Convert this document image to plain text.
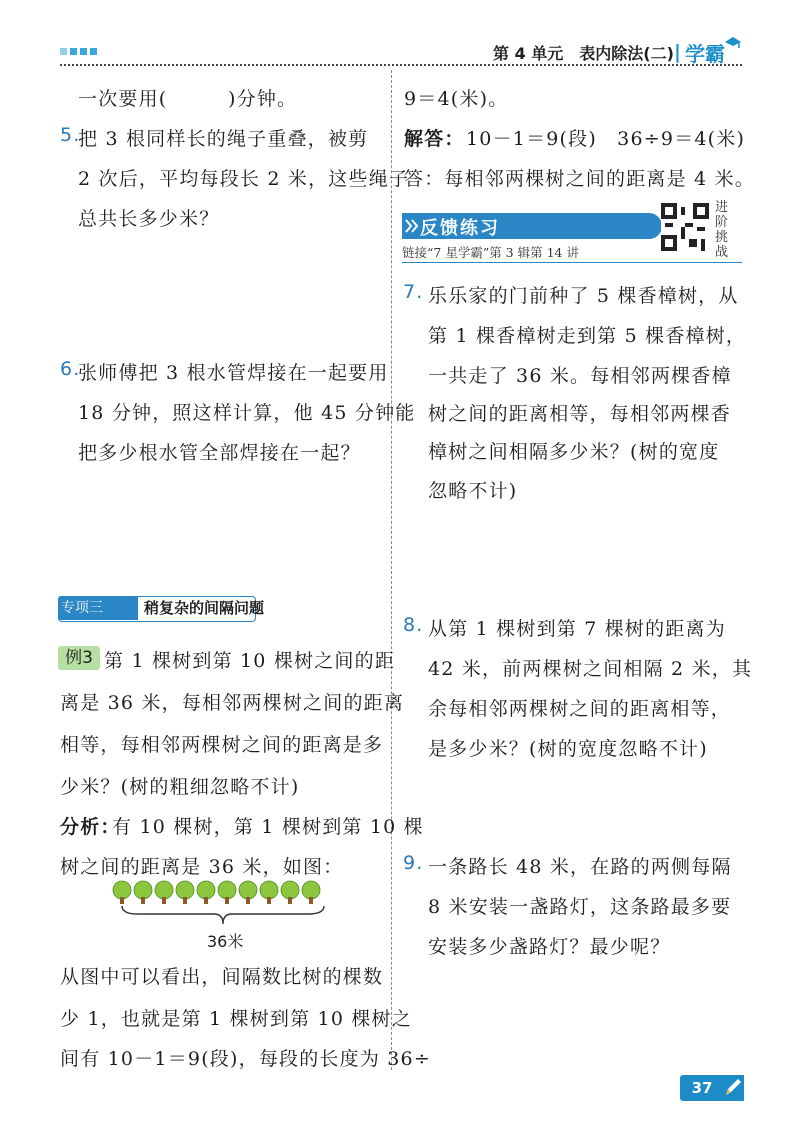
第 4 单元　表内除法(二) | 学霸
一次要用(　　　)分钟。
5.
把 3 根同样长的绳子重叠，被剪
2 次后，平均每段长 2 米，这些绳子
总共长多少米？
6.
张师傅把 3 根水管焊接在一起要用
18 分钟，照这样计算，他 45 分钟能
把多少根水管全部焊接在一起？
专项三	稍复杂的间隔问题
例3 第 1 棵树到第 10 棵树之间的距
离是 36 米，每相邻两棵树之间的距离
相等，每相邻两棵树之间的距离是多
少米？(树的粗细忽略不计)
分析：
有 10 棵树，第 1 棵树到第 10 棵
树之间的距离是 36 米，如图：
36米
从图中可以看出，间隔数比树的棵数
少 1，也就是第 1 棵树到第 10 棵树之
间有 10－1＝9(段)，每段的长度为 36÷
9＝4(米)。
解答： 10－1＝9(段)　36÷9＝4(米)
答：每相邻两棵树之间的距离是 4 米。
反馈练习
链接“7 星学霸”第 3 辑第 14 讲
进阶挑战
7. 乐乐家的门前种了 5 棵香樟树，从
第 1 棵香樟树走到第 5 棵香樟树，
一共走了 36 米。每相邻两棵香樟
树之间的距离相等，每相邻两棵香
樟树之间相隔多少米？(树的宽度
忽略不计)
8. 从第 1 棵树到第 7 棵树的距离为
42 米，前两棵树之间相隔 2 米，其
余每相邻两棵树之间的距离相等，
是多少米？(树的宽度忽略不计)
9. 一条路长 48 米，在路的两侧每隔
8 米安装一盏路灯，这条路最多要
安装多少盏路灯？最少呢？
37
